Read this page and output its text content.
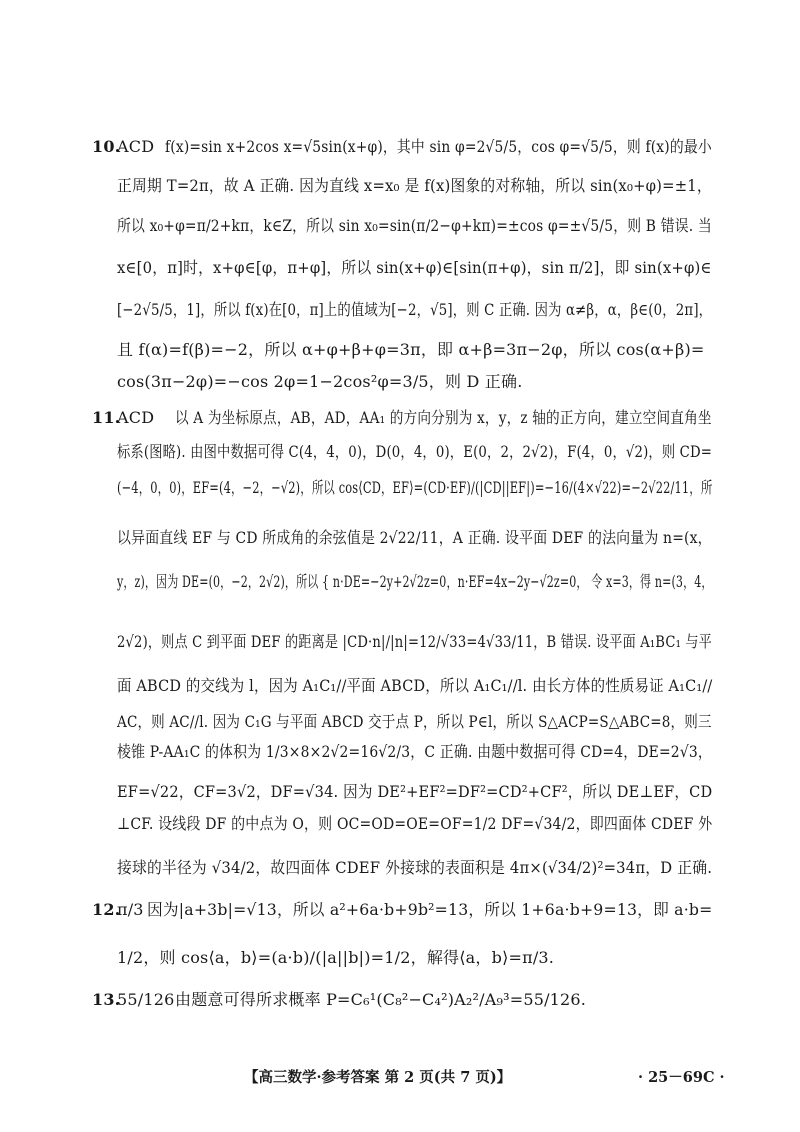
10.
ACD f(x)=sin x+2cos x=√5sin(x+φ)，其中 sin φ=2√5/5，cos φ=√5/5，则 f(x)的最小
正周期 T=2π，故 A 正确. 因为直线 x=x₀ 是 f(x)图象的对称轴，所以 sin(x₀+φ)=±1，
所以 x₀+φ=π/2+kπ，k∈Z，所以 sin x₀=sin(π/2−φ+kπ)=±cos φ=±√5/5，则 B 错误. 当
x∈[0，π]时，x+φ∈[φ，π+φ]，所以 sin(x+φ)∈[sin(π+φ)，sin π/2]，即 sin(x+φ)∈
[−2√5/5，1]，所以 f(x)在[0，π]上的值域为[−2，√5]，则 C 正确. 因为 α≠β，α，β∈(0，2π]，
且 f(α)=f(β)=−2，所以 α+φ+β+φ=3π，即 α+β=3π−2φ，所以 cos(α+β)=
cos(3π−2φ)=−cos 2φ=1−2cos²φ=3/5，则 D 正确.
11.
ACD 以 A 为坐标原点，AB，AD，AA₁ 的方向分别为 x，y，z 轴的正方向，建立空间直角坐
标系(图略). 由图中数据可得 C(4，4，0)，D(0，4，0)，E(0，2，2√2)，F(4，0，√2)，则 CD=
(−4，0，0)，EF=(4，−2，−√2)，所以 cos⟨CD，EF⟩=(CD·EF)/(|CD||EF|)=−16/(4×√22)=−2√22/11，所
以异面直线 EF 与 CD 所成角的余弦值是 2√22/11，A 正确. 设平面 DEF 的法向量为 n=(x，
y，z)，因为 DE=(0，−2，2√2)，所以 { n·DE=−2y+2√2z=0，n·EF=4x−2y−√2z=0， 令 x=3，得 n=(3，4，
2√2)，则点 C 到平面 DEF 的距离是 |CD·n|/|n|=12/√33=4√33/11，B 错误. 设平面 A₁BC₁ 与平
面 ABCD 的交线为 l，因为 A₁C₁//平面 ABCD，所以 A₁C₁//l. 由长方体的性质易证 A₁C₁//
AC，则 AC//l. 因为 C₁G 与平面 ABCD 交于点 P，所以 P∈l，所以 S△ACP=S△ABC=8，则三
棱锥 P-AA₁C 的体积为 1/3×8×2√2=16√2/3，C 正确. 由题中数据可得 CD=4，DE=2√3，
EF=√22，CF=3√2，DF=√34. 因为 DE²+EF²=DF²=CD²+CF²，所以 DE⊥EF，CD
⊥CF. 设线段 DF 的中点为 O，则 OC=OD=OE=OF=1/2 DF=√34/2，即四面体 CDEF 外
接球的半径为 √34/2，故四面体 CDEF 外接球的表面积是 4π×(√34/2)²=34π，D 正确.
12.
π/3 因为|a+3b|=√13，所以 a²+6a·b+9b²=13，所以 1+6a·b+9=13，即 a·b=
1/2，则 cos⟨a，b⟩=(a·b)/(|a||b|)=1/2，解得⟨a，b⟩=π/3.
13.
55/126 由题意可得所求概率 P=C₆¹(C₈²−C₄²)A₂²/A₉³=55/126.
【高三数学·参考答案 第 2 页(共 7 页)】	· 25－69C ·
